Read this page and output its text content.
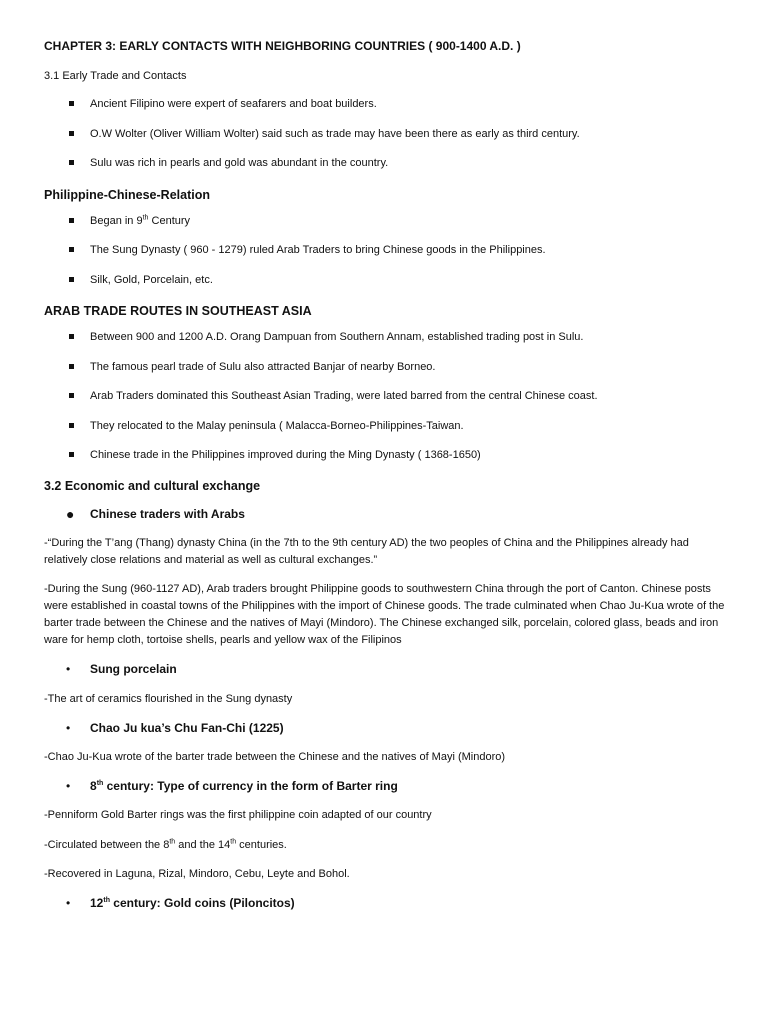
CHAPTER 3: EARLY CONTACTS WITH NEIGHBORING COUNTRIES ( 900-1400 A.D. )
3.1 Early Trade and Contacts
Ancient Filipino were expert of seafarers and boat builders.
O.W Wolter (Oliver William Wolter) said such as trade may have been there as early as third century.
Sulu was rich in pearls and gold was abundant in the country.
Philippine-Chinese-Relation
Began in 9th Century
The Sung Dynasty ( 960 - 1279) ruled Arab Traders to bring Chinese goods in the Philippines.
Silk, Gold, Porcelain, etc.
ARAB TRADE ROUTES IN SOUTHEAST ASIA
Between 900 and 1200 A.D. Orang Dampuan from Southern Annam, established trading post in Sulu.
The famous pearl trade of Sulu also attracted Banjar of nearby Borneo.
Arab Traders dominated this Southeast Asian Trading, were lated barred from the central Chinese coast.
They relocated to the Malay peninsula ( Malacca-Borneo-Philippines-Taiwan.
Chinese trade in the Philippines improved during the Ming Dynasty ( 1368-1650)
3.2 Economic and cultural exchange
● Chinese traders with Arabs

-“During the T’ang (Thang) dynasty China (in the 7th to the 9th century AD) the two peoples of China and the Philippines already had relatively close relations and material as well as cultural exchanges.”

-During the Sung (960-1127 AD), Arab traders brought Philippine goods to southwestern China through the port of Canton. Chinese posts were established in coastal towns of the Philippines with the import of Chinese goods. The trade culminated when Chao Ju-Kua wrote of the barter trade between the Chinese and the natives of Mayi (Mindoro). The Chinese exchanged silk, porcelain, colored glass, beads and iron ware for hemp cloth, tortoise shells, pearls and yellow wax of the Filipinos

• Sung porcelain

-The art of ceramics flourished in the Sung dynasty

• Chao Ju kua’s Chu Fan-Chi (1225)

-Chao Ju-Kua wrote of the barter trade between the Chinese and the natives of Mayi (Mindoro)

• 8th century: Type of currency in the form of Barter ring

-Penniform Gold Barter rings was the first philippine coin adapted of our country

-Circulated between the 8th and the 14th centuries.

-Recovered in Laguna, Rizal, Mindoro, Cebu, Leyte and Bohol.

• 12th century: Gold coins (Piloncitos)
